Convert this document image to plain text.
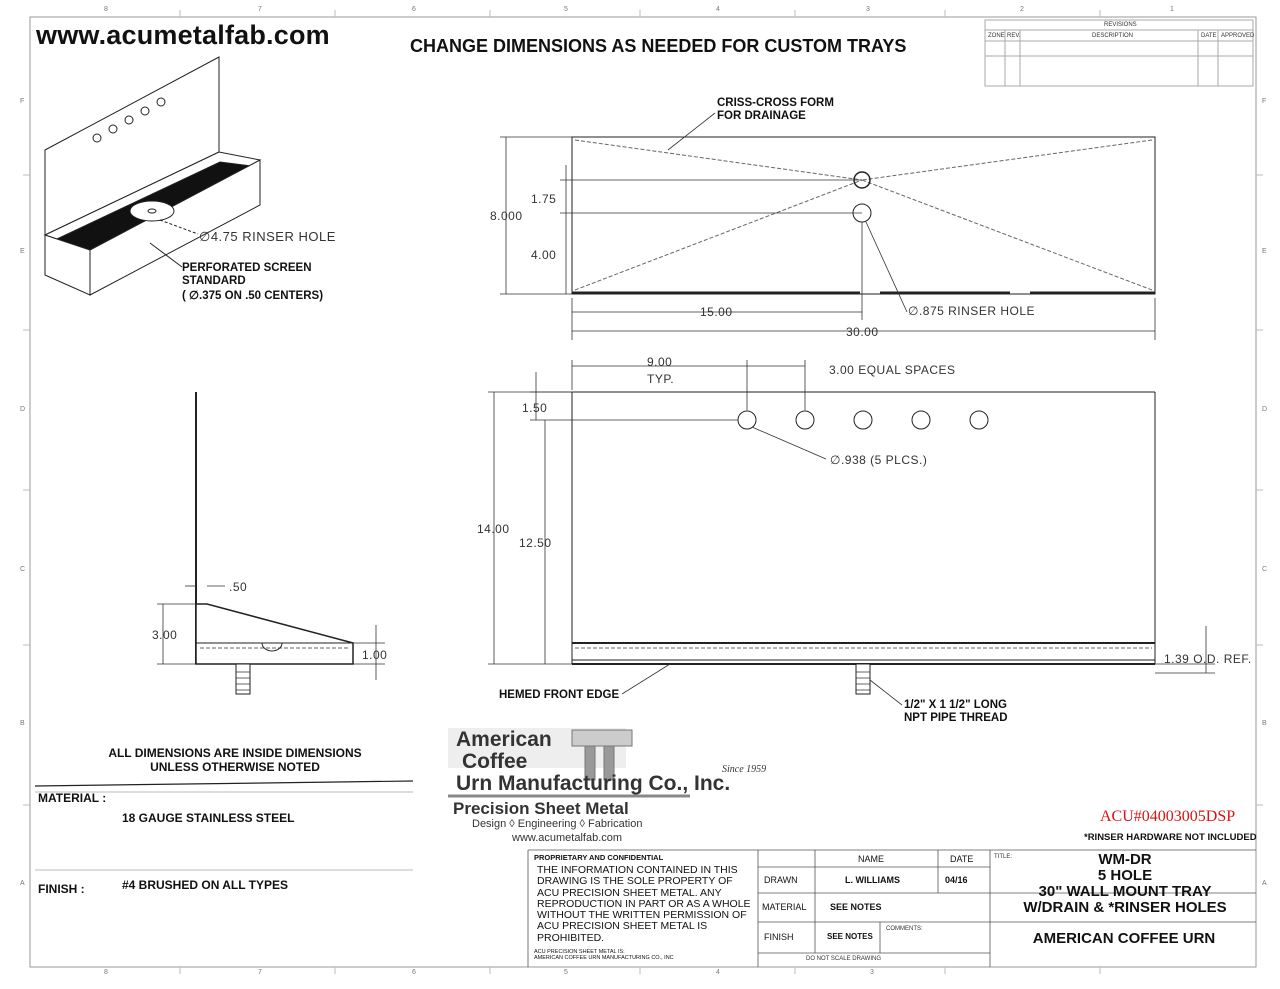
8	7	6	5	4	3	2	1
8	7	6	5	4	3
F
E
D
C
B
A
F
E
D
C
B
A
www.acumetalfab.com	CHANGE DIMENSIONS AS NEEDED FOR CUSTOM TRAYS
REVISIONS
ZONE REV.	DESCRIPTION	DATE APPROVED
∅4.75 RINSER HOLE
PERFORATED SCREEN
STANDARD
( ∅.375 ON .50 CENTERS)
CRISS-CROSS FORM
FOR DRAINAGE
8.000
1.75
4.00
15.00
30.00
∅.875 RINSER HOLE
9.00
TYP.
3.00 EQUAL SPACES
1.50
∅.938 (5 PLCS.)
14.00
12.50
1.39 O.D. REF.
HEMED FRONT EDGE
1/2" X 1 1/2" LONG
NPT PIPE THREAD
.50
3.00
1.00
ALL DIMENSIONS ARE INSIDE DIMENSIONS
UNLESS OTHERWISE NOTED
MATERIAL :
18 GAUGE STAINLESS STEEL
FINISH :	#4 BRUSHED ON ALL TYPES
American
Coffee
Urn Manufacturing Co., Inc.
Since 1959
Precision Sheet Metal
Design ◊ Engineering ◊ Fabrication
www.acumetalfab.com
ACU#04003005DSP
*RINSER HARDWARE NOT INCLUDED
PROPRIETARY AND CONFIDENTIAL
THE INFORMATION CONTAINED IN THIS
DRAWING IS THE SOLE PROPERTY OF
ACU PRECISION SHEET METAL. ANY
REPRODUCTION IN PART OR AS A WHOLE
WITHOUT THE WRITTEN PERMISSION OF
ACU PRECISION SHEET METAL IS
PROHIBITED.
ACU PRECISION SHEET METAL IS:
AMERICAN COFFEE URN MANUFACTURING CO., INC
NAME	DATE
DRAWN	L. WILLIAMS	04/16
MATERIAL	SEE NOTES
FINISH	SEE NOTES
COMMENTS:
DO NOT SCALE DRAWING
TITLE:	WM-DR
5 HOLE
30" WALL MOUNT TRAY
W/DRAIN & *RINSER HOLES
AMERICAN COFFEE URN
